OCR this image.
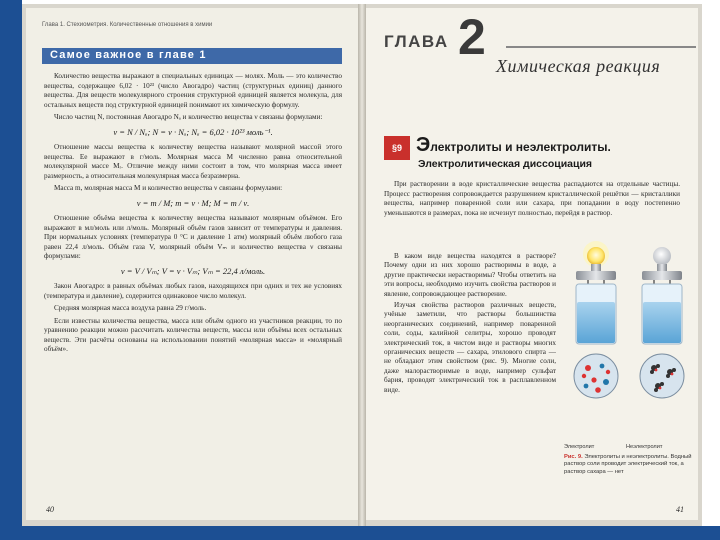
Глава 1. Стехиометрия. Количественные отношения в химии
Самое важное в главе 1

Количество вещества выражают в специальных единицах — молях. Моль — это количество вещества, содержащее 6,02 · 10²³ (число Авогадро) частиц (структурных единиц) данного вещества. Для веществ молекулярного строения структурной единицей является молекула, для остальных веществ под структурной единицей понимают их химическую формулу.

Число частиц N, постоянная Авогадро Nₐ и количество вещества ν связаны формулами:

ν = N / Nₐ; N = ν · Nₐ; Nₐ = 6,02 · 10²³ моль⁻¹.

Отношение массы вещества к количеству вещества называют молярной массой этого вещества. Ее выражают в г/моль. Молярная масса M численно равна относительной молекулярной массе Mᵣ. Отличие между ними состоит в том, что молярная масса имеет размерность, а относительная молекулярная масса безразмерна.

Масса m, молярная масса M и количество вещества ν связаны формулами:

ν = m / M; m = ν · M; M = m / ν.

Отношение объёма вещества к количеству вещества называют молярным объёмом. Его выражают в мл/моль или л/моль. Молярный объём газов зависит от температуры и давления. При нормальных условиях (температура 0 °C и давление 1 атм) молярный объём любого газа равен 22,4 л/моль. Объём газа V, молярный объём Vₘ и количество вещества ν связаны формулами:

ν = V / Vₘ; V = ν · Vₘ; Vₘ = 22,4 л/моль.

Закон Авогадро: в равных объёмах любых газов, находящихся при одних и тех же условиях (температура и давление), содержится одинаковое число молекул.

Средняя молярная масса воздуха равна 29 г/моль.

Если известны количества вещества, масса или объём одного из участников реакции, то по уравнению реакции можно рассчитать количества веществ, массы или объёмы всех остальных веществ. Эти расчёты основаны на использовании понятий «молярная масса» и «молярный объём».

40
ГЛАВА 2
Химическая реакция
§9 Электролиты и неэлектролиты.
Электролитическая диссоциация

При растворении в воде кристаллические вещества распадаются на отдельные частицы. Процесс растворения сопровождается разрушением кристаллической решётки — кристаллики вещества, например поваренной соли или сахара, при попадании в воду постепенно уменьшаются в размерах, пока не исчезнут полностью, перейдя в раствор.

В каком виде вещества находятся в растворе? Почему одни из них хорошо растворимы в воде, а другие практически нерастворимы? Чтобы ответить на эти вопросы, необходимо изучить свойства растворов и явление, сопровождающее растворение.

Изучая свойства растворов различных веществ, учёные заметили, что растворы большинства неорганических соединений, например поваренной соли, соды, калийной селитры, хорошо проводят электрический ток, в чистом виде и растворы многих органических веществ — сахара, этилового спирта — не обладают этим свойством (рис. 9). Многие соли, даже малорастворимые в воде, например сульфат бария, проводят электрический ток в расплавленном виде.

Электролит	Неэлектролит
Рис. 9. Электролиты и неэлектролиты. Водный раствор соли проводит электрический ток, а раствор сахара — нет
41
